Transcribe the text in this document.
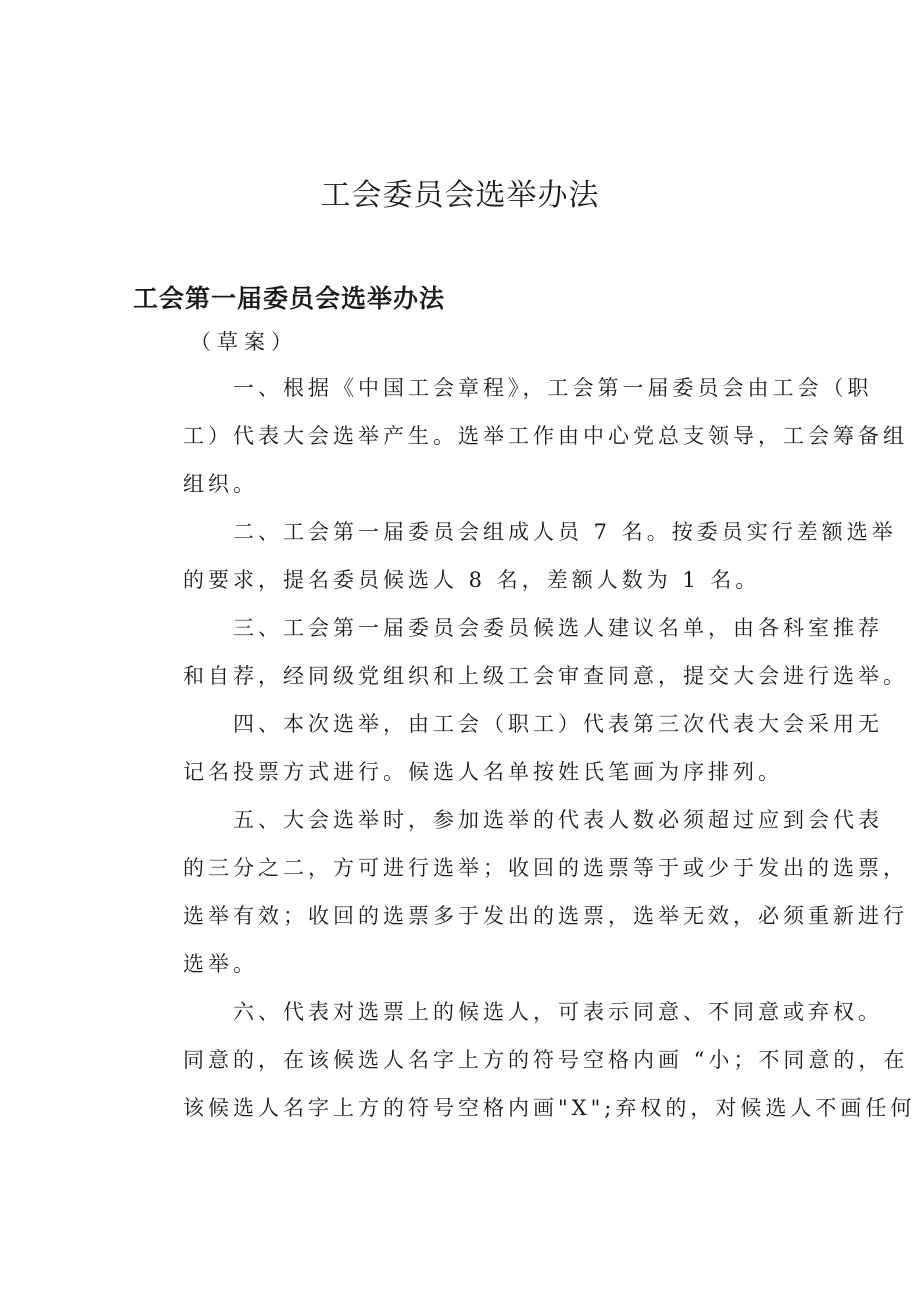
工会委员会选举办法
工会第一届委员会选举办法
（草案）
一、根据《中国工会章程》，工会第一届委员会由工会（职
工）代表大会选举产生。选举工作由中心党总支领导，工会筹备组
组织。
二、工会第一届委员会组成人员 7 名。按委员实行差额选举
的要求，提名委员候选人 8 名，差额人数为 1 名。
三、工会第一届委员会委员候选人建议名单，由各科室推荐
和自荐，经同级党组织和上级工会审查同意，提交大会进行选举。
四、本次选举，由工会（职工）代表第三次代表大会采用无
记名投票方式进行。候选人名单按姓氏笔画为序排列。
五、大会选举时，参加选举的代表人数必须超过应到会代表
的三分之二，方可进行选举；收回的选票等于或少于发出的选票，
选举有效；收回的选票多于发出的选票，选举无效，必须重新进行
选举。
六、代表对选票上的候选人，可表示同意、不同意或弃权。
同意的，在该候选人名字上方的符号空格内画 “小；不同意的，在
该候选人名字上方的符号空格内画"X";弃权的，对候选人不画任何
